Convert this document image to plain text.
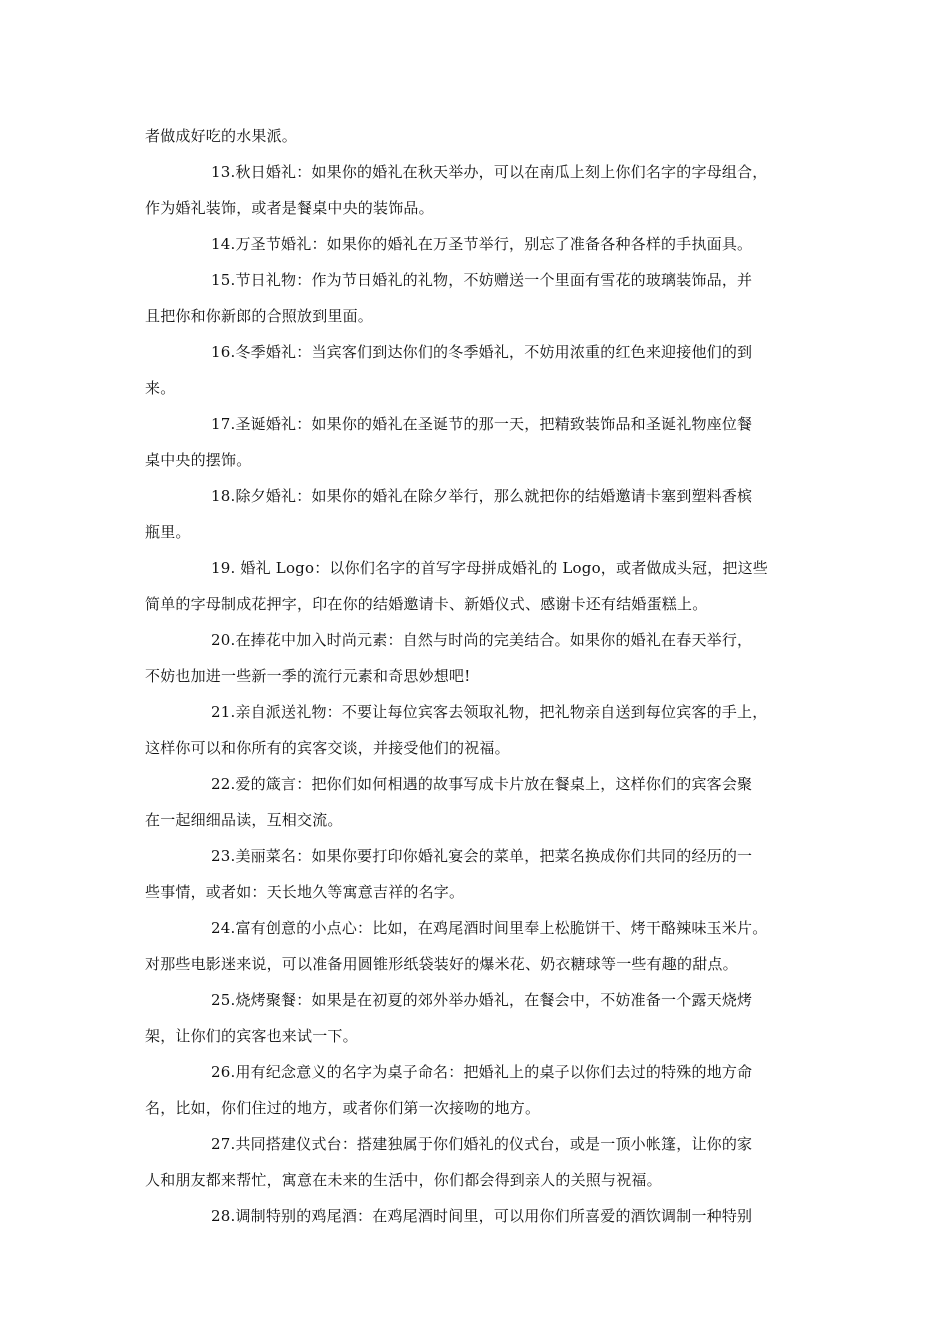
者做成好吃的水果派。
13.秋日婚礼：如果你的婚礼在秋天举办，可以在南瓜上刻上你们名字的字母组合，
作为婚礼装饰，或者是餐桌中央的装饰品。
14.万圣节婚礼：如果你的婚礼在万圣节举行，别忘了准备各种各样的手执面具。
15.节日礼物：作为节日婚礼的礼物，不妨赠送一个里面有雪花的玻璃装饰品，并
且把你和你新郎的合照放到里面。
16.冬季婚礼：当宾客们到达你们的冬季婚礼，不妨用浓重的红色来迎接他们的到
来。
17.圣诞婚礼：如果你的婚礼在圣诞节的那一天，把精致装饰品和圣诞礼物座位餐
桌中央的摆饰。
18.除夕婚礼：如果你的婚礼在除夕举行，那么就把你的结婚邀请卡塞到塑料香槟
瓶里。
19. 婚礼 Logo：以你们名字的首写字母拼成婚礼的 Logo，或者做成头冠，把这些
简单的字母制成花押字，印在你的结婚邀请卡、新婚仪式、感谢卡还有结婚蛋糕上。
20.在捧花中加入时尚元素：自然与时尚的完美结合。如果你的婚礼在春天举行，
不妨也加进一些新一季的流行元素和奇思妙想吧!
21.亲自派送礼物：不要让每位宾客去领取礼物，把礼物亲自送到每位宾客的手上，
这样你可以和你所有的宾客交谈，并接受他们的祝福。
22.爱的箴言：把你们如何相遇的故事写成卡片放在餐桌上，这样你们的宾客会聚
在一起细细品读，互相交流。
23.美丽菜名：如果你要打印你婚礼宴会的菜单，把菜名换成你们共同的经历的一
些事情，或者如：天长地久等寓意吉祥的名字。
24.富有创意的小点心：比如，在鸡尾酒时间里奉上松脆饼干、烤干酪辣味玉米片。
对那些电影迷来说，可以准备用圆锥形纸袋装好的爆米花、奶衣糖球等一些有趣的甜点。
25.烧烤聚餐：如果是在初夏的郊外举办婚礼，在餐会中，不妨准备一个露天烧烤
架，让你们的宾客也来试一下。
26.用有纪念意义的名字为桌子命名：把婚礼上的桌子以你们去过的特殊的地方命
名，比如，你们住过的地方，或者你们第一次接吻的地方。
27.共同搭建仪式台：搭建独属于你们婚礼的仪式台，或是一顶小帐篷，让你的家
人和朋友都来帮忙，寓意在未来的生活中，你们都会得到亲人的关照与祝福。
28.调制特别的鸡尾酒：在鸡尾酒时间里，可以用你们所喜爱的酒饮调制一种特别
